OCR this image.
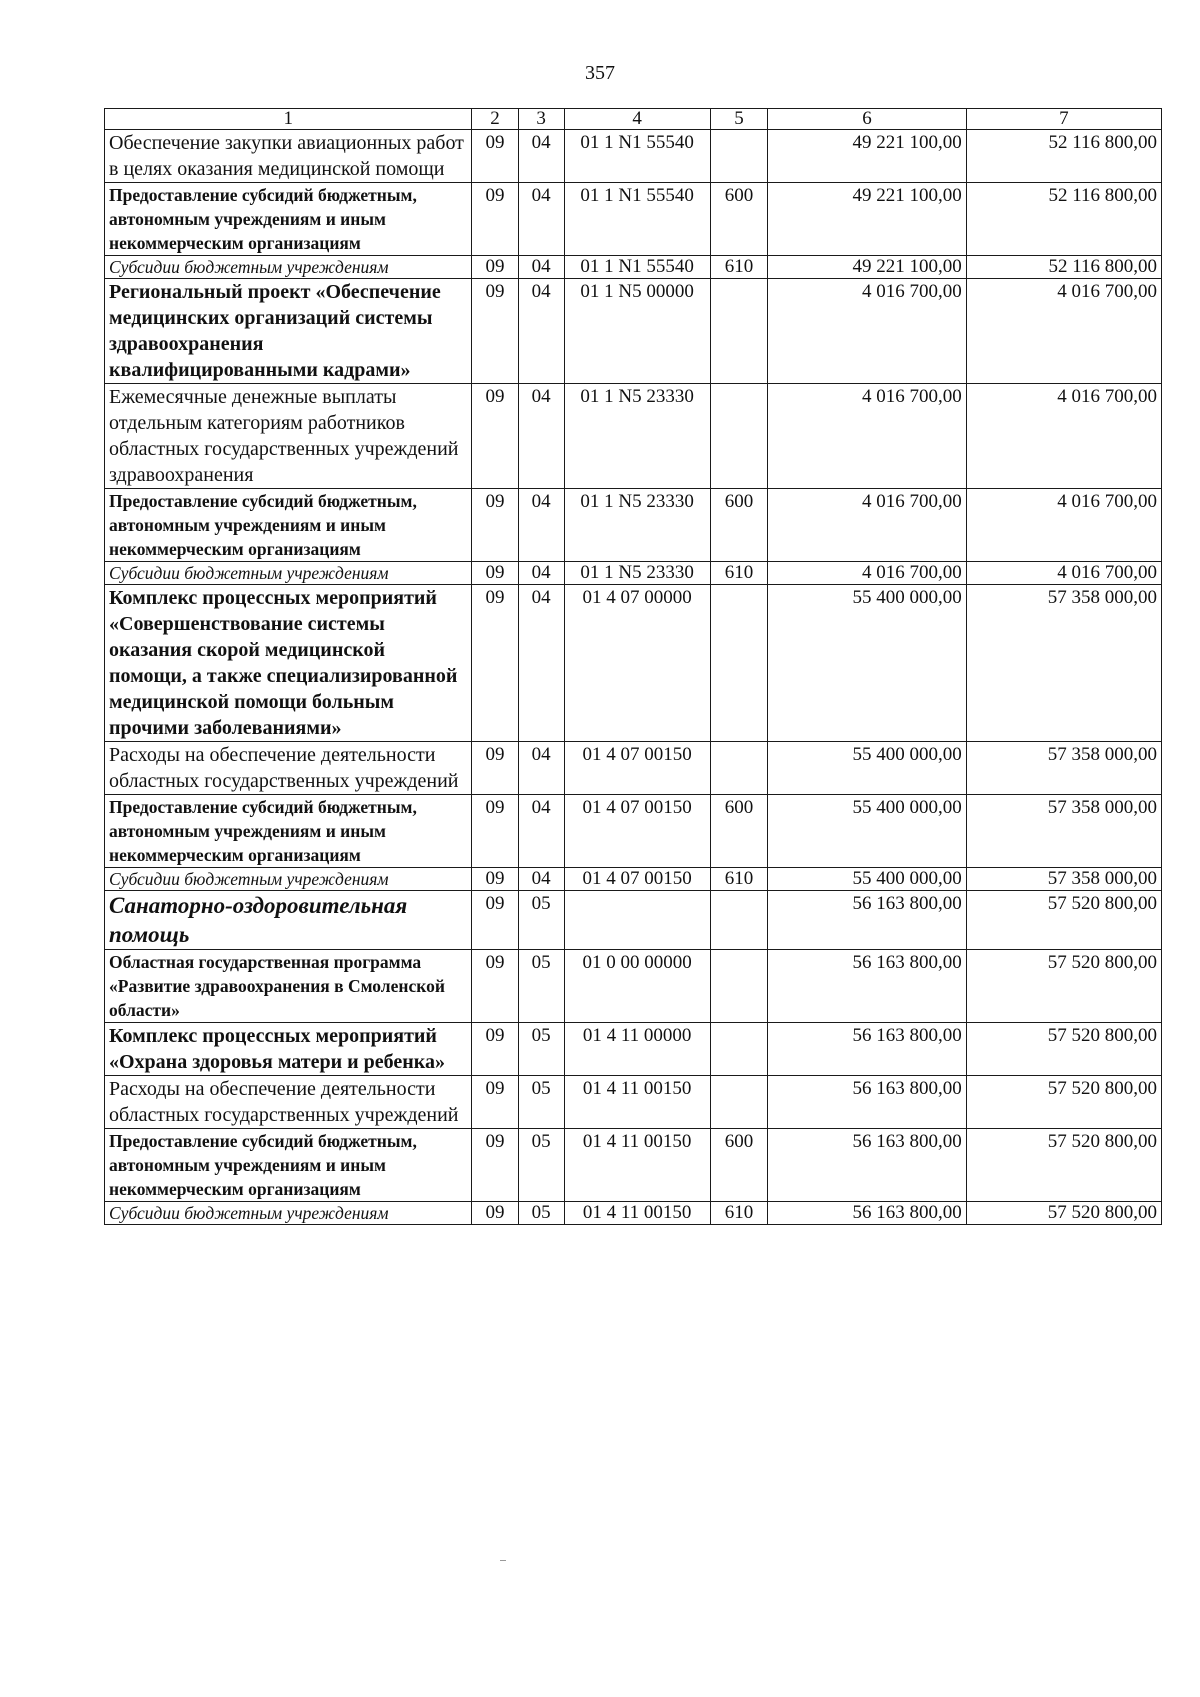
357
1	2	3	4	5	6	7
Обеспечение закупки авиационных работ в целях оказания медицинской помощи	09	04	01 1 N1 55540		49 221 100,00	52 116 800,00
Предоставление субсидий бюджетным, автономным учреждениям и иным некоммерческим организациям	09	04	01 1 N1 55540	600	49 221 100,00	52 116 800,00
Субсидии бюджетным учреждениям	09	04	01 1 N1 55540	610	49 221 100,00	52 116 800,00
Региональный проект «Обеспечение медицинских организаций системы здравоохранения квалифицированными кадрами»	09	04	01 1 N5 00000		4 016 700,00	4 016 700,00
Ежемесячные денежные выплаты отдельным категориям работников областных государственных учреждений здравоохранения	09	04	01 1 N5 23330		4 016 700,00	4 016 700,00
Предоставление субсидий бюджетным, автономным учреждениям и иным некоммерческим организациям	09	04	01 1 N5 23330	600	4 016 700,00	4 016 700,00
Субсидии бюджетным учреждениям	09	04	01 1 N5 23330	610	4 016 700,00	4 016 700,00
Комплекс процессных мероприятий «Совершенствование системы оказания скорой медицинской помощи, а также специализированной медицинской помощи больным прочими заболеваниями»	09	04	01 4 07 00000		55 400 000,00	57 358 000,00
Расходы на обеспечение деятельности областных государственных учреждений	09	04	01 4 07 00150		55 400 000,00	57 358 000,00
Предоставление субсидий бюджетным, автономным учреждениям и иным некоммерческим организациям	09	04	01 4 07 00150	600	55 400 000,00	57 358 000,00
Субсидии бюджетным учреждениям	09	04	01 4 07 00150	610	55 400 000,00	57 358 000,00
Санаторно-оздоровительная помощь	09	05			56 163 800,00	57 520 800,00
Областная государственная программа «Развитие здравоохранения в Смоленской области»	09	05	01 0 00 00000		56 163 800,00	57 520 800,00
Комплекс процессных мероприятий «Охрана здоровья матери и ребенка»	09	05	01 4 11 00000		56 163 800,00	57 520 800,00
Расходы на обеспечение деятельности областных государственных учреждений	09	05	01 4 11 00150		56 163 800,00	57 520 800,00
Предоставление субсидий бюджетным, автономным учреждениям и иным некоммерческим организациям	09	05	01 4 11 00150	600	56 163 800,00	57 520 800,00
Субсидии бюджетным учреждениям	09	05	01 4 11 00150	610	56 163 800,00	57 520 800,00
